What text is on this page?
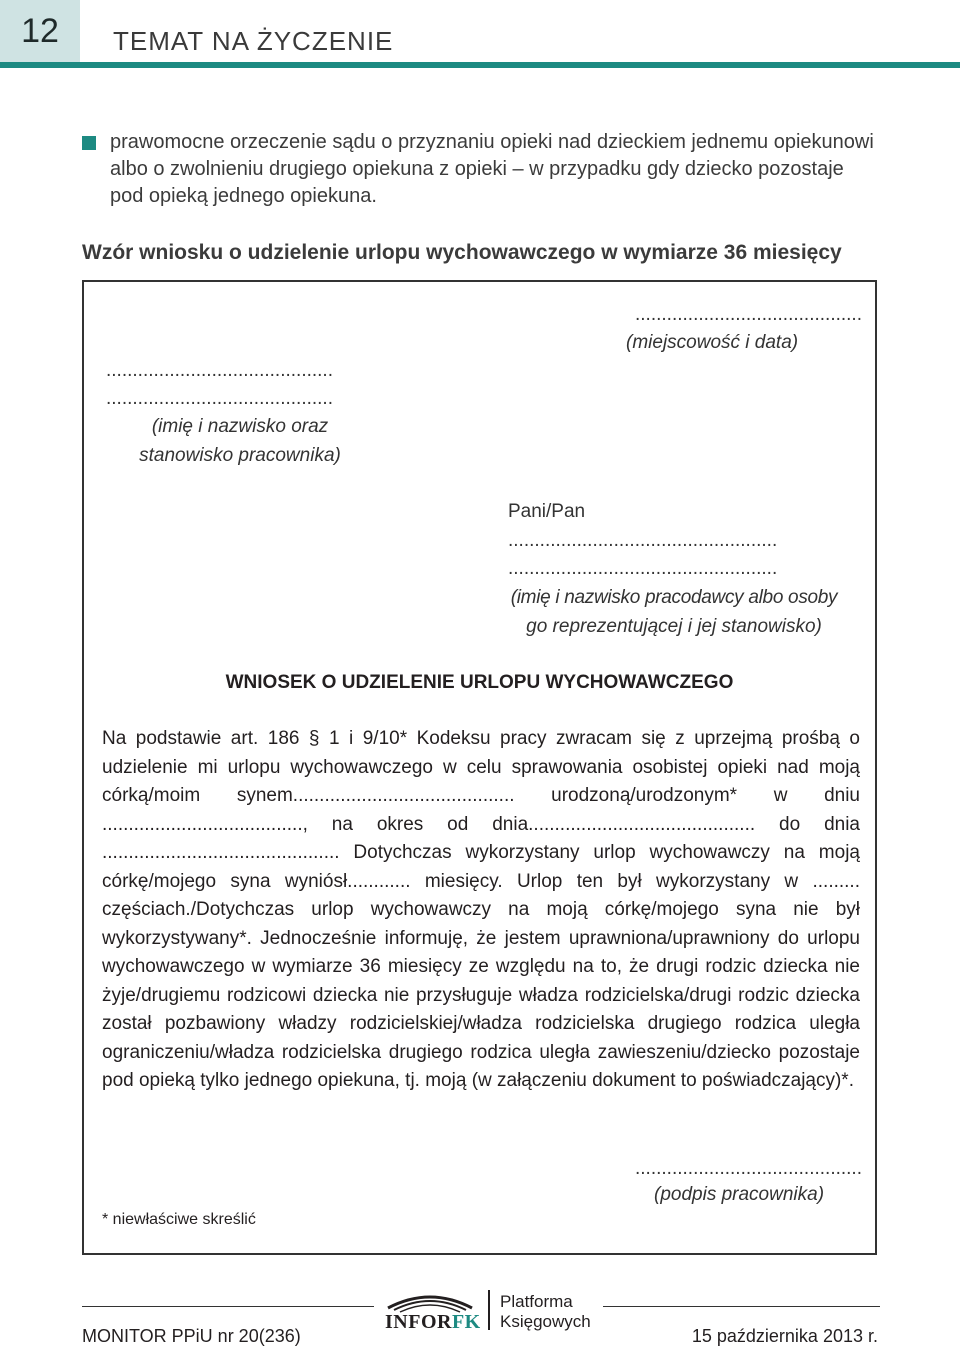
12	TEMAT NA ŻYCZENIE
prawomocne orzeczenie sądu o przyznaniu opieki nad dzieckiem jednemu opiekunowi albo o zwolnieniu drugiego opiekuna z opieki – w przypadku gdy dziecko pozostaje pod opieką jednego opiekuna.
Wzór wniosku o udzielenie urlopu wychowawczego w wymiarze 36 miesięcy
...........................................
(miejscowość i data)
...........................................
...........................................
(imię i nazwisko oraz
stanowisko pracownika)
Pani/Pan
...................................................
...................................................
(imię i nazwisko pracodawcy albo osoby
go reprezentującej i jej stanowisko)
WNIOSEK O UDZIELENIE URLOPU WYCHOWAWCZEGO
Na podstawie art. 186 § 1 i 9/10* Kodeksu pracy zwracam się z uprzejmą prośbą o udzielenie mi urlopu wychowawczego w celu sprawowania osobistej opieki nad moją córką/moim synem.......................................... urodzoną/urodzonym* w dniu ......................................, na okres od dnia........................................... do dnia ............................................. Dotychczas wykorzystany urlop wychowawczy na moją córkę/mojego syna wyniósł............ miesięcy. Urlop ten był wykorzystany w ......... częściach./Dotychczas urlop wychowawczy na moją córkę/mojego syna nie był wykorzystywany*. Jednocześnie informuję, że jestem uprawniona/uprawniony do urlopu wychowawczego w wymiarze 36 miesięcy ze względu na to, że drugi rodzic dziecka nie żyje/drugiemu rodzicowi dziecka nie przysługuje władza rodzicielska/drugi rodzic dziecka został pozbawiony władzy rodzicielskiej/władza rodzicielska drugiego rodzica uległa ograniczeniu/władza rodzicielska drugiego rodzica uległa zawieszeniu/dziecko pozostaje pod opieką tylko jednego opiekuna, tj. moją (w załączeniu dokument to poświadczający)*.
...........................................
(podpis pracownika)
* niewłaściwe skreślić
INFORFK
Platforma
Księgowych
MONITOR PPiU nr 20(236)	15 października 2013 r.
